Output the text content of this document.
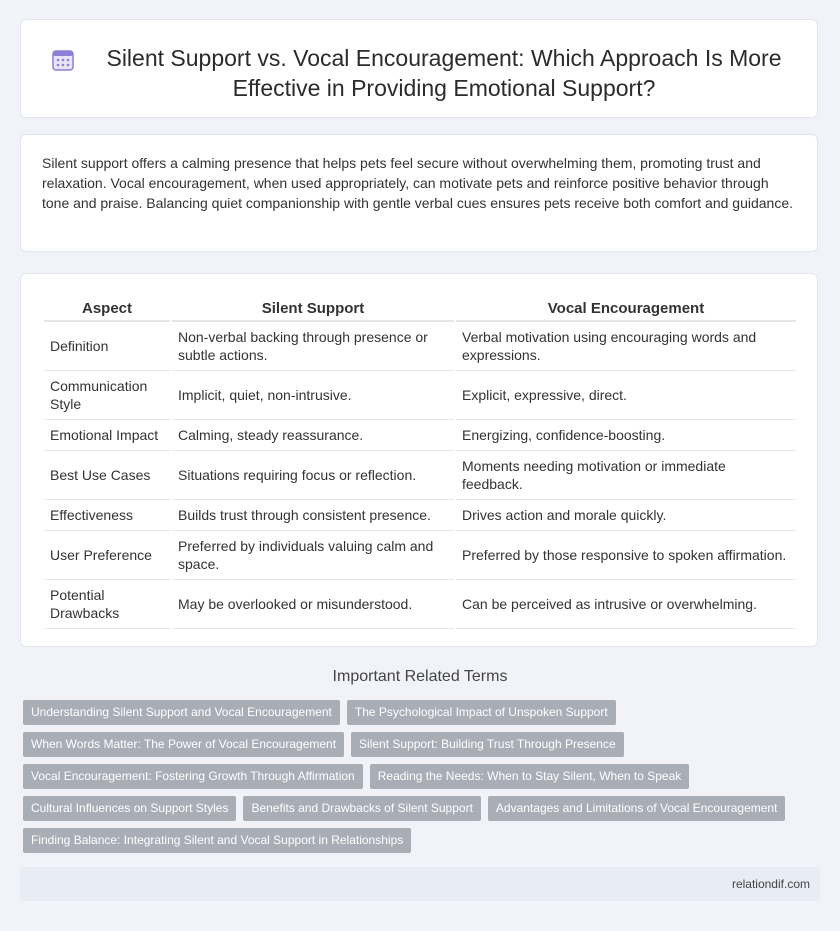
Silent Support vs. Vocal Encouragement: Which Approach Is More Effective in Providing Emotional Support?

Silent support offers a calming presence that helps pets feel secure without overwhelming them, promoting trust and relaxation. Vocal encouragement, when used appropriately, can motivate pets and reinforce positive behavior through tone and praise. Balancing quiet companionship with gentle verbal cues ensures pets receive both comfort and guidance.

Aspect	Silent Support	Vocal Encouragement
Definition	Non-verbal backing through presence or subtle actions.	Verbal motivation using encouraging words and expressions.
Communication Style	Implicit, quiet, non-intrusive.	Explicit, expressive, direct.
Emotional Impact	Calming, steady reassurance.	Energizing, confidence-boosting.
Best Use Cases	Situations requiring focus or reflection.	Moments needing motivation or immediate feedback.
Effectiveness	Builds trust through consistent presence.	Drives action and morale quickly.
User Preference	Preferred by individuals valuing calm and space.	Preferred by those responsive to spoken affirmation.
Potential Drawbacks	May be overlooked or misunderstood.	Can be perceived as intrusive or overwhelming.
Important Related Terms
Understanding Silent Support and Vocal Encouragement	The Psychological Impact of Unspoken Support
When Words Matter: The Power of Vocal Encouragement	Silent Support: Building Trust Through Presence
Vocal Encouragement: Fostering Growth Through Affirmation	Reading the Needs: When to Stay Silent, When to Speak
Cultural Influences on Support Styles	Benefits and Drawbacks of Silent Support	Advantages and Limitations of Vocal Encouragement
Finding Balance: Integrating Silent and Vocal Support in Relationships
relationdif.com
